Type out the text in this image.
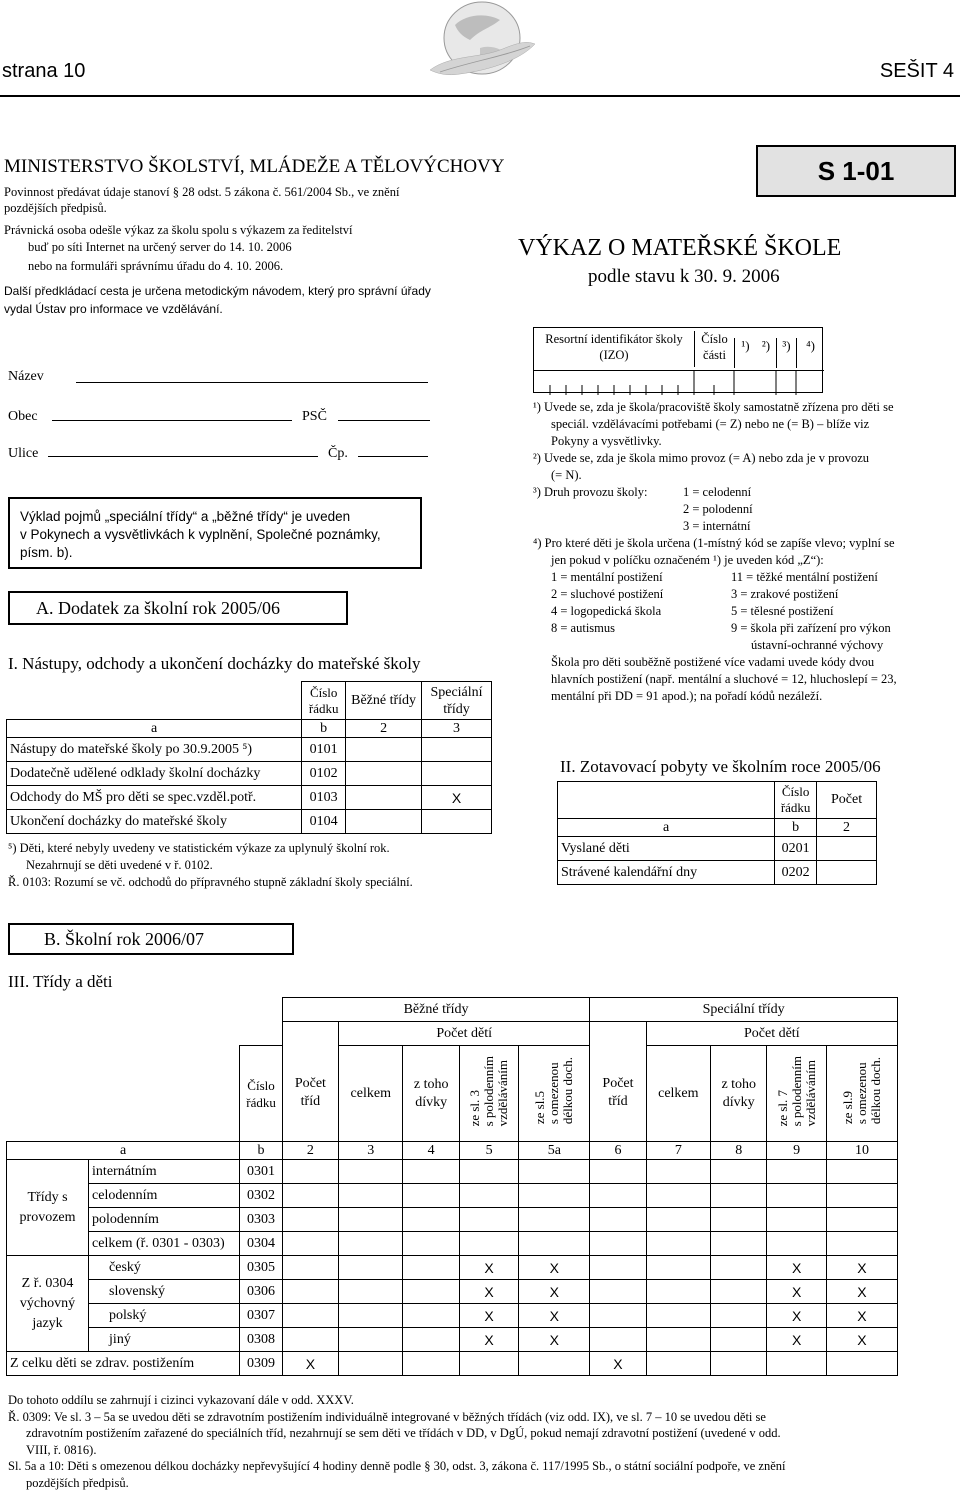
strana 10	SEŠIT 4
MINISTERSTVO ŠKOLSTVÍ, MLÁDEŽE A TĚLOVÝCHOVY
Povinnost předávat údaje stanoví § 28 odst. 5 zákona č. 561/2004 Sb., ve znění
pozdějších předpisů.
Právnická osoba odešle výkaz za školu spolu s výkazem za ředitelství
buď po síti Internet na určený server do 14. 10. 2006
nebo na formuláři správnímu úřadu do 4. 10. 2006.
Další předkládací cesta je určena metodickým návodem, který pro správní úřady
vydal Ústav pro informace ve vzdělávání.
S 1-01
VÝKAZ O MATEŘSKÉ ŠKOLE
podle stavu k 30. 9. 2006
Resortní identifikátor školy
(IZO)
Číslo
části
¹) ²) ³)	⁴)
Název
Obec	PSČ
Ulice	Čp.
¹) Uvede se, zda je škola/pracoviště školy samostatně zřízena pro děti se
speciál. vzdělávacími potřebami (= Z) nebo ne (= B) – blíže viz
Pokyny a vysvětlivky.
²) Uvede se, zda je škola mimo provoz (= A) nebo zda je v provozu
(= N).
³) Druh provozu školy:	1 = celodenní
2 = polodenní
3 = internátní
⁴) Pro které děti je škola určena (1-místný kód se zapíše vlevo; vyplní se
jen pokud v políčku označeném ¹) je uveden kód „Z“):
1 = mentální postižení	11 = těžké mentální postižení
2 = sluchové postižení	3 = zrakové postižení
4 = logopedická škola	5 = tělesné postižení
8 = autismus	9 = škola při zařízení pro výkon
ústavní-ochranné výchovy
Škola pro děti souběžně postižené více vadami uvede kódy dvou
hlavních postižení (např. mentální a sluchové = 12, hluchoslepí = 23,
mentální při DD = 91 apod.); na pořadí kódů nezáleží.
Výklad pojmů „speciální třídy“ a „běžné třídy“ je uveden
v Pokynech a vysvětlivkách k vyplnění, Společné poznámky,
písm. b).
A. Dodatek za školní rok 2005/06
I. Nástupy, odchody a ukončení docházky do mateřské školy
	Číslo řádku	Běžné třídy	Speciální třídy
a	b	2	3
Nástupy do mateřské školy po 30.9.2005 ⁵)	0101		
Dodatečně udělené odklady školní docházky	0102		
Odchody do MŠ pro děti se spec.vzděl.potř.	0103		X
Ukončení docházky do mateřské školy	0104		
⁵) Děti, které nebyly uvedeny ve statistickém výkaze za uplynulý školní rok.
Nezahrnují se děti uvedené v ř. 0102.
Ř. 0103: Rozumí se vč. odchodů do přípravného stupně základní školy speciální.
II. Zotavovací pobyty ve školním roce 2005/06
	Číslo řádku	Počet
a	b	2
Vyslané děti	0201	
Strávené kalendářní dny	0202	
B. Školní rok 2006/07
III. Třídy a děti
			Běžné třídy					Speciální třídy				
				Počet dětí					Počet dětí			
		Číslo řádku	Počet tříd	celkem	z toho dívky	ze sl. 3
s polodenním
vzděláváním	ze sl.5
s omezenou
délkou doch.	Počet tříd	celkem	z toho dívky	ze sl. 7
s polodenním
vzděláváním	ze sl.9
s omezenou
délkou doch.
a		b	2	3	4	5	5a	6	7	8	9	10
Třídy s provozem	internátním	0301										
	celodenním	0302										
	polodenním	0303										
	celkem (ř. 0301 - 0303)	0304										
Z ř. 0304 výchovný jazyk	český	0305				X	X				X	X
	slovenský	0306				X	X				X	X
	polský	0307				X	X				X	X
	jiný	0308				X	X				X	X
Z celku děti se zdrav. postižením		0309	X					X				
Do tohoto oddílu se zahrnují i cizinci vykazovaní dále v odd. XXXV.
Ř. 0309: Ve sl. 3 – 5a se uvedou děti se zdravotním postižením individuálně integrované v běžných třídách (viz odd. IX), ve sl. 7 – 10 se uvedou děti se
zdravotním postižením zařazené do speciálních tříd, nezahrnují se sem děti ve třídách v DD, v DgÚ, pokud nemají zdravotní postižení (uvedené v odd.
VIII, ř. 0816).
Sl. 5a a 10: Děti s omezenou délkou docházky nepřevyšující 4 hodiny denně podle § 30, odst. 3, zákona č. 117/1995 Sb., o státní sociální podpoře, ve znění
pozdějších předpisů.
